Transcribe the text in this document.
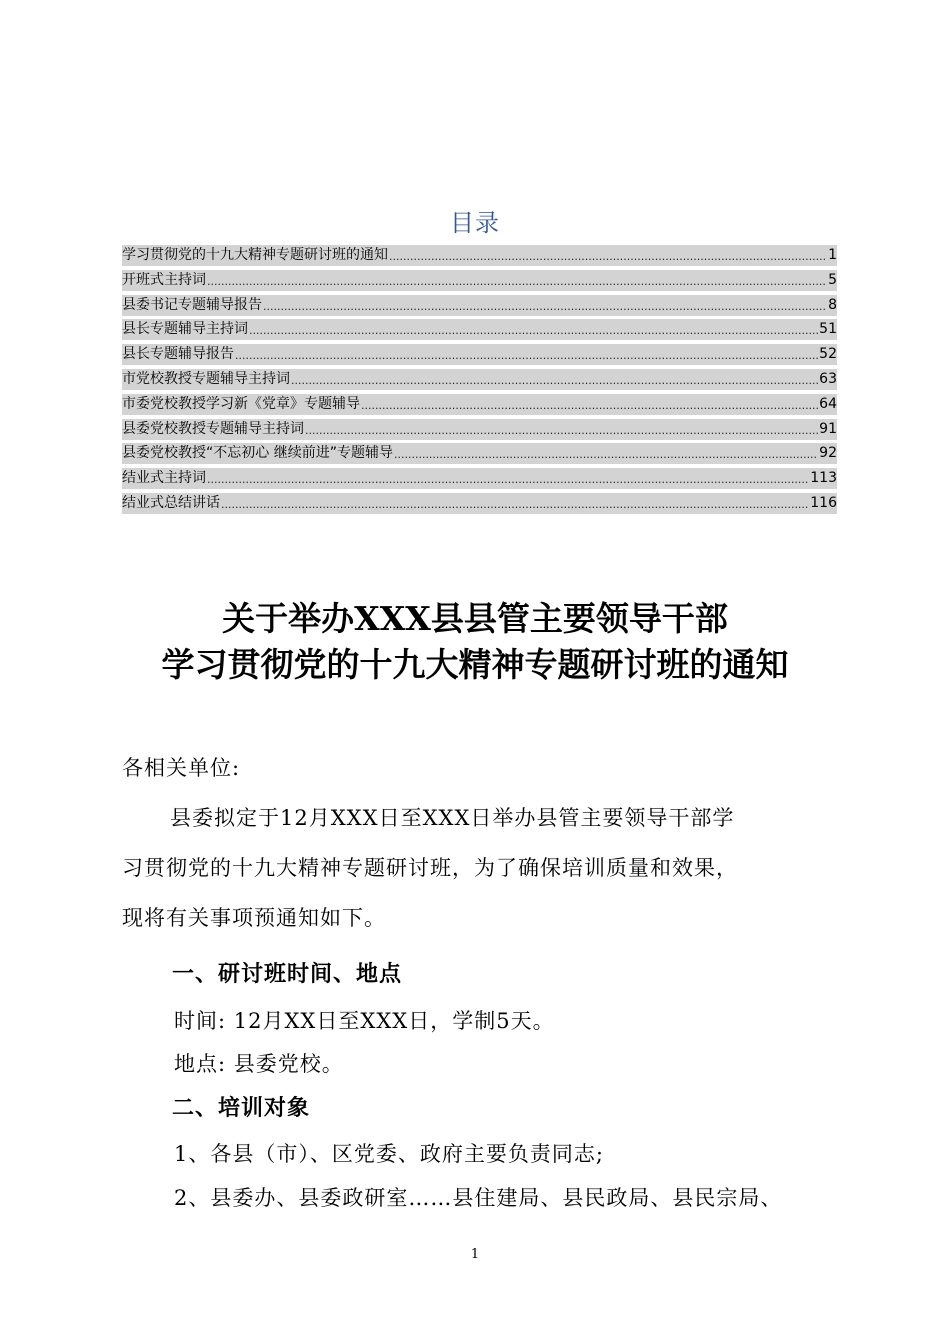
目录
学习贯彻党的十九大精神专题研讨班的通知 .....	1
开班式主持词 .....	5
县委书记专题辅导报告 .....	8
县长专题辅导主持词 .....	51
县长专题辅导报告 .....	52
市党校教授专题辅导主持词 .....	63
市委党校教授学习新《党章》专题辅导 .....	64
县委党校教授专题辅导主持词 .....	91
县委党校教授“不忘初心 继续前进”专题辅导 .....	92
结业式主持词 .....	113
结业式总结讲话 .....	116
关于举办XXX县县管主要领导干部
学习贯彻党的十九大精神专题研讨班的通知
各相关单位:
县委拟定于12月XXX日至XXX日举办县管主要领导干部学
习贯彻党的十九大精神专题研讨班，为了确保培训质量和效果，
现将有关事项预通知如下。
一、研讨班时间、地点
时间: 12月XX日至XXX日，学制5天。
地点: 县委党校。
二、培训对象
1、各县（市）、区党委、政府主要负责同志;
2、县委办、县委政研室……县住建局、县民政局、县民宗局、
1
